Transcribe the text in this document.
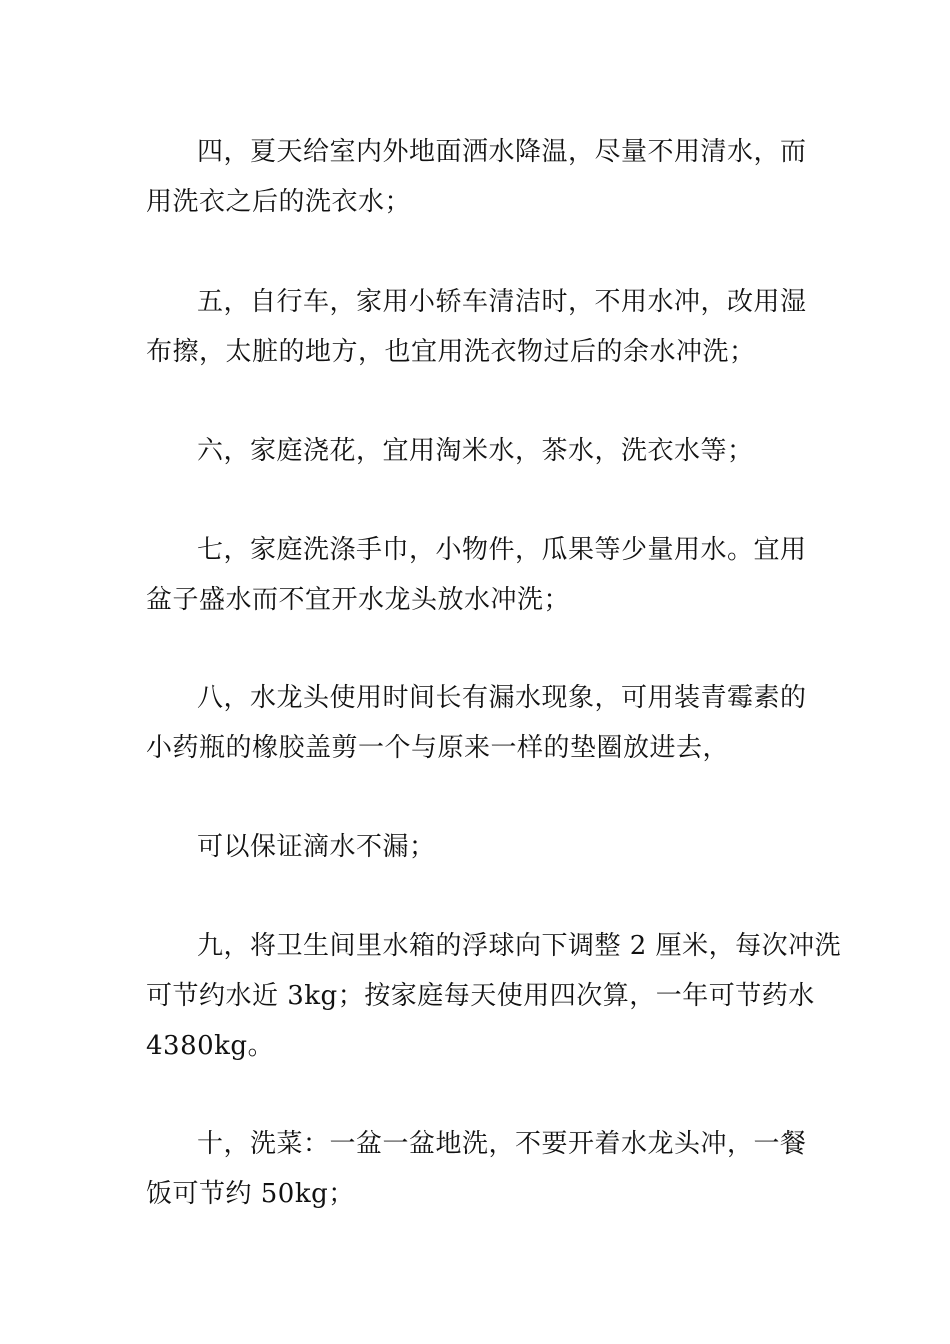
四，夏天给室内外地面洒水降温，尽量不用清水，而
用洗衣之后的洗衣水；
五，自行车，家用小轿车清洁时，不用水冲，改用湿
布擦，太脏的地方，也宜用洗衣物过后的余水冲洗；
六，家庭浇花，宜用淘米水，茶水，洗衣水等；
七，家庭洗涤手巾，小物件，瓜果等少量用水。宜用
盆子盛水而不宜开水龙头放水冲洗；
八，水龙头使用时间长有漏水现象，可用装青霉素的
小药瓶的橡胶盖剪一个与原来一样的垫圈放进去，
可以保证滴水不漏；
九，将卫生间里水箱的浮球向下调整 2 厘米，每次冲洗
可节约水近 3kg；按家庭每天使用四次算，一年可节药水
4380kg。
十，洗菜：一盆一盆地洗，不要开着水龙头冲，一餐
饭可节约 50kg；
